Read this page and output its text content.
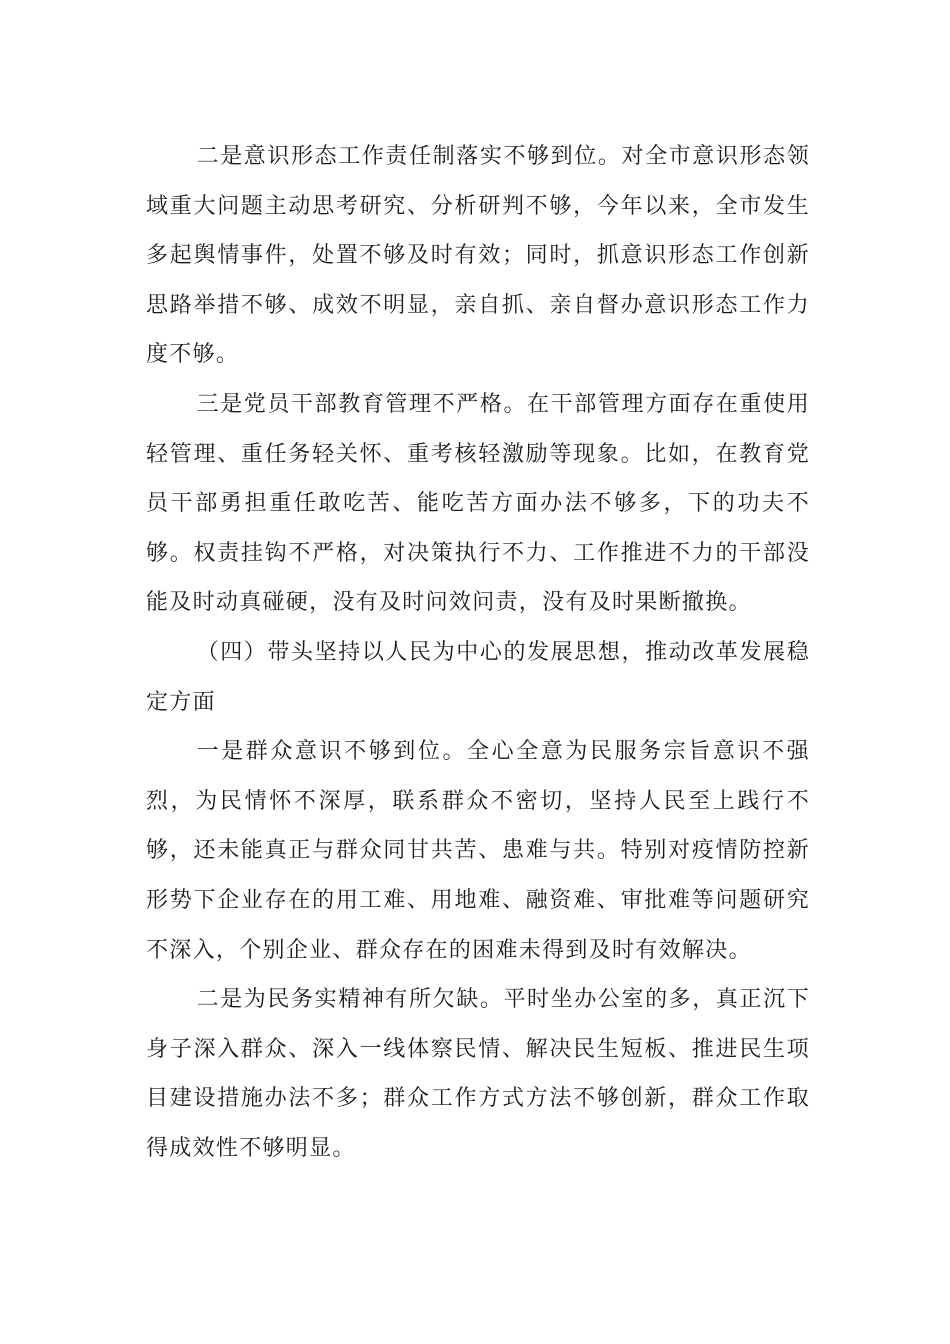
二是意识形态工作责任制落实不够到位。对全市意识形态领域重大问题主动思考研究、分析研判不够，今年以来，全市发生多起舆情事件，处置不够及时有效；同时，抓意识形态工作创新思路举措不够、成效不明显，亲自抓、亲自督办意识形态工作力度不够。

三是党员干部教育管理不严格。在干部管理方面存在重使用轻管理、重任务轻关怀、重考核轻激励等现象。比如，在教育党员干部勇担重任敢吃苦、能吃苦方面办法不够多，下的功夫不够。权责挂钩不严格，对决策执行不力、工作推进不力的干部没能及时动真碰硬，没有及时问效问责，没有及时果断撤换。

（四）带头坚持以人民为中心的发展思想，推动改革发展稳定方面

一是群众意识不够到位。全心全意为民服务宗旨意识不强烈，为民情怀不深厚，联系群众不密切，坚持人民至上践行不够，还未能真正与群众同甘共苦、患难与共。特别对疫情防控新形势下企业存在的用工难、用地难、融资难、审批难等问题研究不深入，个别企业、群众存在的困难未得到及时有效解决。

二是为民务实精神有所欠缺。平时坐办公室的多，真正沉下身子深入群众、深入一线体察民情、解决民生短板、推进民生项目建设措施办法不多；群众工作方式方法不够创新，群众工作取得成效性不够明显。
